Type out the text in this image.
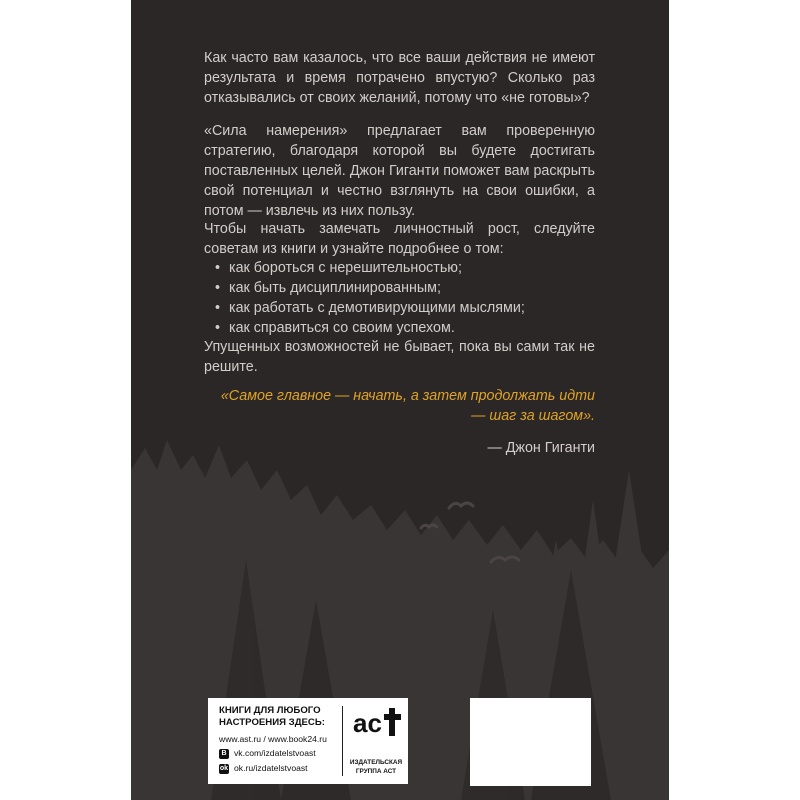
Как часто вам казалось, что все ваши действия не имеют результата и время потрачено впустую? Сколько раз отказывались от своих желаний, потому что «не готовы»?

«Сила намерения» предлагает вам проверенную стратегию, благодаря которой вы будете достигать поставленных целей. Джон Гиганти поможет вам раскрыть свой потенциал и честно взглянуть на свои ошибки, а потом — извлечь из них пользу.

Чтобы начать замечать личностный рост, следуйте советам из книги и узнайте подробнее о том:

• как бороться с нерешительностью;
• как быть дисциплинированным;
• как работать с демотивирующими мыслями;
• как справиться со своим успехом.

Упущенных возможностей не бывает, пока вы сами так не решите.

«Самое главное — начать, а затем продолжать идти — шаг за шагом».
— Джон Гиганти
КНИГИ ДЛЯ ЛЮБОГО
НАСТРОЕНИЯ ЗДЕСЬ:
www.ast.ru / www.book24.ru
B vk.com/izdatelstvoast
ok ok.ru/izdatelstvoast
ac
ИЗДАТЕЛЬСКАЯ
ГРУППА АСТ
